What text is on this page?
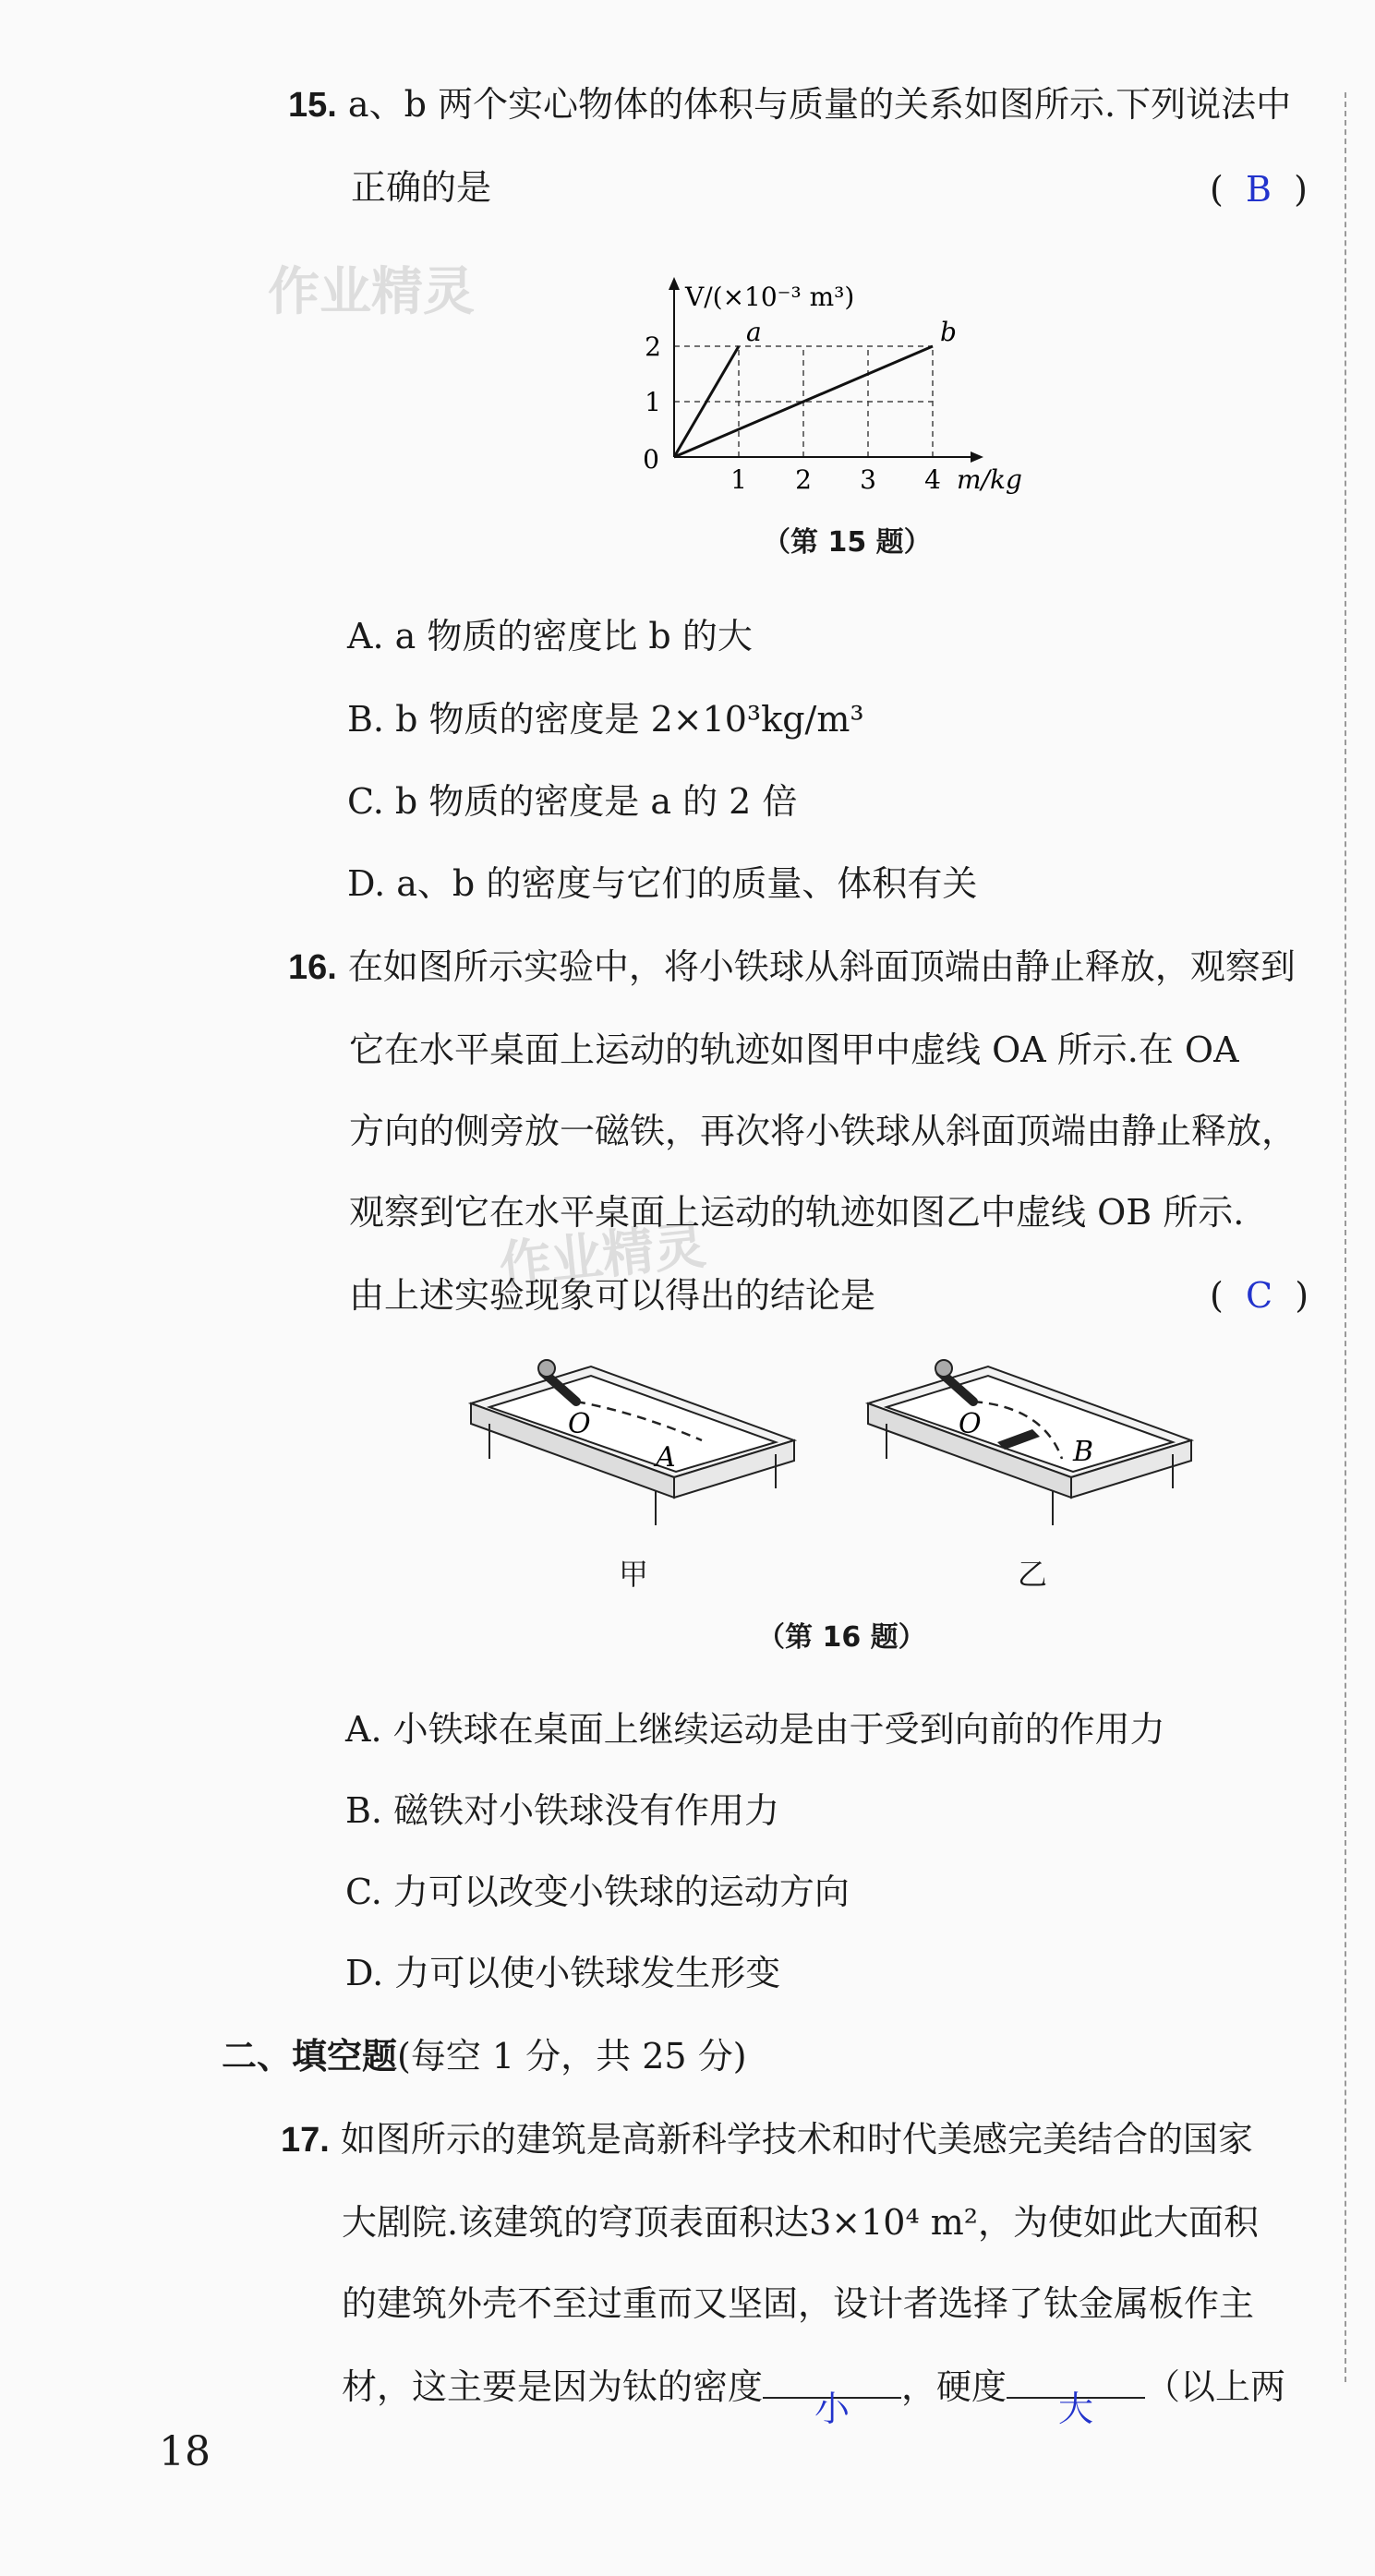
作业精灵
作业精灵
15. a、b 两个实心物体的体积与质量的关系如图所示.下列说法中
正确的是	( B )
a	b
1 2 3 4
1
2
0
m/kg
V/(×10⁻³ m³)
（第 15 题）
A. a 物质的密度比 b 的大
B. b 物质的密度是 2×10³kg/m³
C. b 物质的密度是 a 的 2 倍
D. a、b 的密度与它们的质量、体积有关
16. 在如图所示实验中，将小铁球从斜面顶端由静止释放，观察到
它在水平桌面上运动的轨迹如图甲中虚线 OA 所示.在 OA
方向的侧旁放一磁铁，再次将小铁球从斜面顶端由静止释放，
观察到它在水平桌面上运动的轨迹如图乙中虚线 OB 所示.
由上述实验现象可以得出的结论是	( C )
O
A
O
B
甲	乙
（第 16 题）
A. 小铁球在桌面上继续运动是由于受到向前的作用力
B. 磁铁对小铁球没有作用力
C. 力可以改变小铁球的运动方向
D. 力可以使小铁球发生形变
二、填空题(每空 1 分，共 25 分)
17. 如图所示的建筑是高新科学技术和时代美感完美结合的国家
大剧院.该建筑的穹顶表面积达3×10⁴ m²，为使如此大面积
的建筑外壳不至过重而又坚固，设计者选择了钛金属板作主
材，这主要是因为钛的密度
小
，硬度
大
（以上两
18
